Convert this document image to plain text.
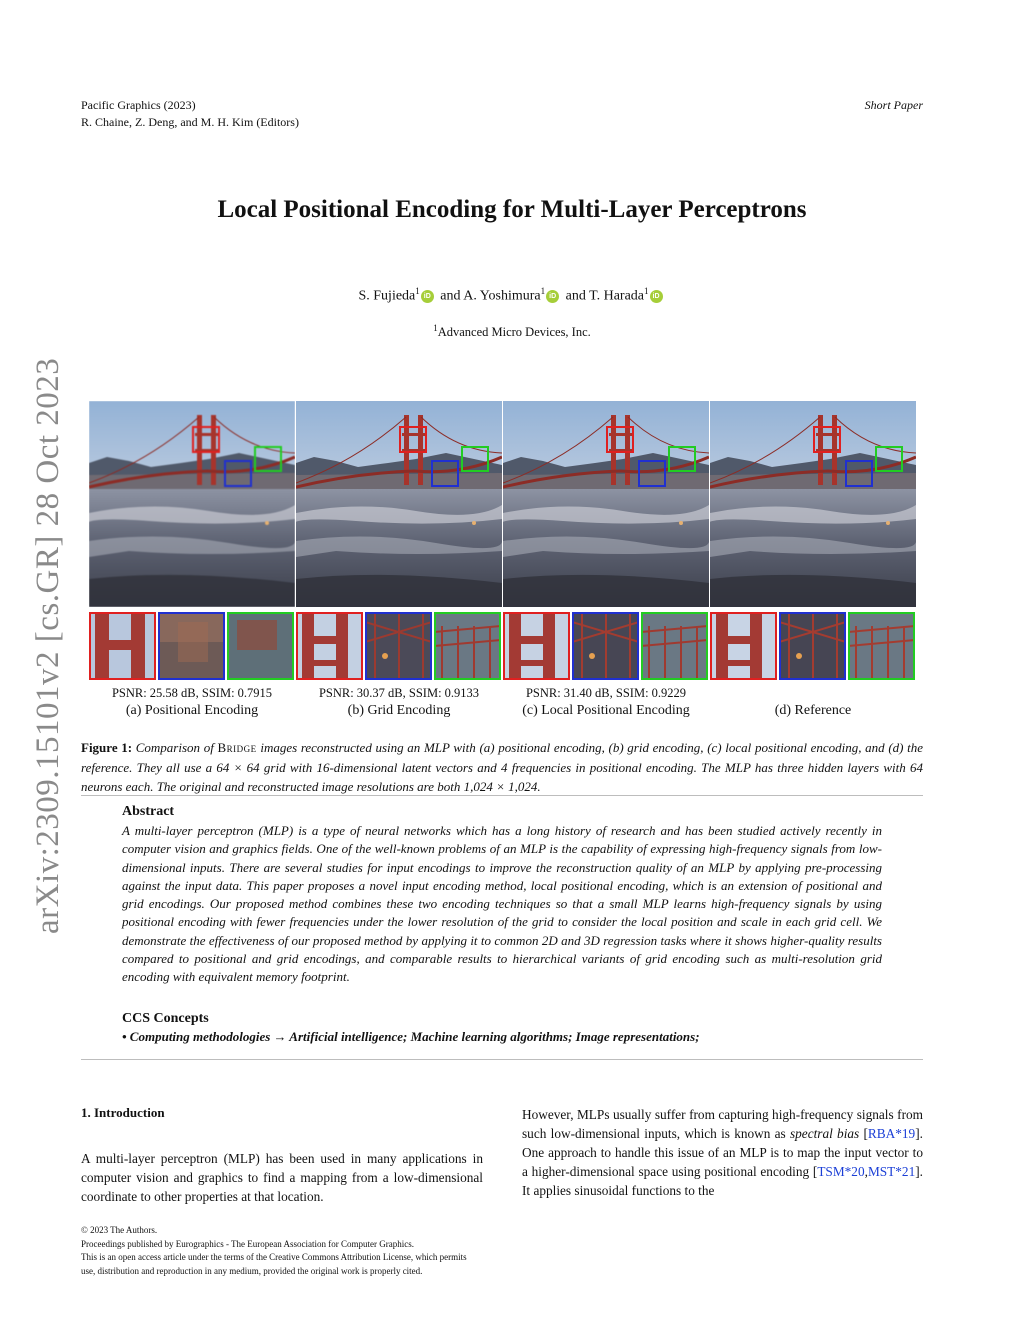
Pacific Graphics (2023)
R. Chaine, Z. Deng, and M. H. Kim (Editors)
Short Paper
arXiv:2309.15101v2 [cs.GR] 28 Oct 2023
Local Positional Encoding for Multi-Layer Perceptrons
S. Fujieda$^1$iD and A. Yoshimura$^1$iD and T. Harada$^1$iD
$^1$Advanced Micro Devices, Inc.
PSNR: 25.58 dB, SSIM: 0.7915
(a) Positional Encoding
PSNR: 30.37 dB, SSIM: 0.9133
(b) Grid Encoding
PSNR: 31.40 dB, SSIM: 0.9229
(c) Local Positional Encoding	(d) Reference
Figure 1: Comparison of Bridge images reconstructed using an MLP with (a) positional encoding, (b) grid encoding, (c) local positional encoding, and (d) the reference. They all use a 64 × 64 grid with 16-dimensional latent vectors and 4 frequencies in positional encoding. The MLP has three hidden layers with 64 neurons each. The original and reconstructed image resolutions are both 1,024 × 1,024.
Abstract
A multi-layer perceptron (MLP) is a type of neural networks which has a long history of research and has been studied actively recently in computer vision and graphics fields. One of the well-known problems of an MLP is the capability of expressing high-frequency signals from low-dimensional inputs. There are several studies for input encodings to improve the reconstruction quality of an MLP by applying pre-processing against the input data. This paper proposes a novel input encoding method, local positional encoding, which is an extension of positional and grid encodings. Our proposed method combines these two encoding techniques so that a small MLP learns high-frequency signals by using positional encoding with fewer frequencies under the lower resolution of the grid to consider the local position and scale in each grid cell. We demonstrate the effectiveness of our proposed method by applying it to common 2D and 3D regression tasks where it shows higher-quality results compared to positional and grid encodings, and comparable results to hierarchical variants of grid encoding such as multi-resolution grid encoding with equivalent memory footprint.
CCS Concepts
• Computing methodologies → Artificial intelligence; Machine learning algorithms; Image representations;
1. Introduction
A multi-layer perceptron (MLP) has been used in many applications in computer vision and graphics to find a mapping from a low-dimensional coordinate to other properties at that location.
However, MLPs usually suffer from capturing high-frequency signals from such low-dimensional inputs, which is known as spectral bias [RBA*19]. One approach to handle this issue of an MLP is to map the input vector to a higher-dimensional space using positional encoding [TSM*20,MST*21]. It applies sinusoidal functions to the
© 2023 The Authors.
Proceedings published by Eurographics - The European Association for Computer Graphics.
This is an open access article under the terms of the Creative Commons Attribution License, which permits use, distribution and reproduction in any medium, provided the original work is properly cited.
